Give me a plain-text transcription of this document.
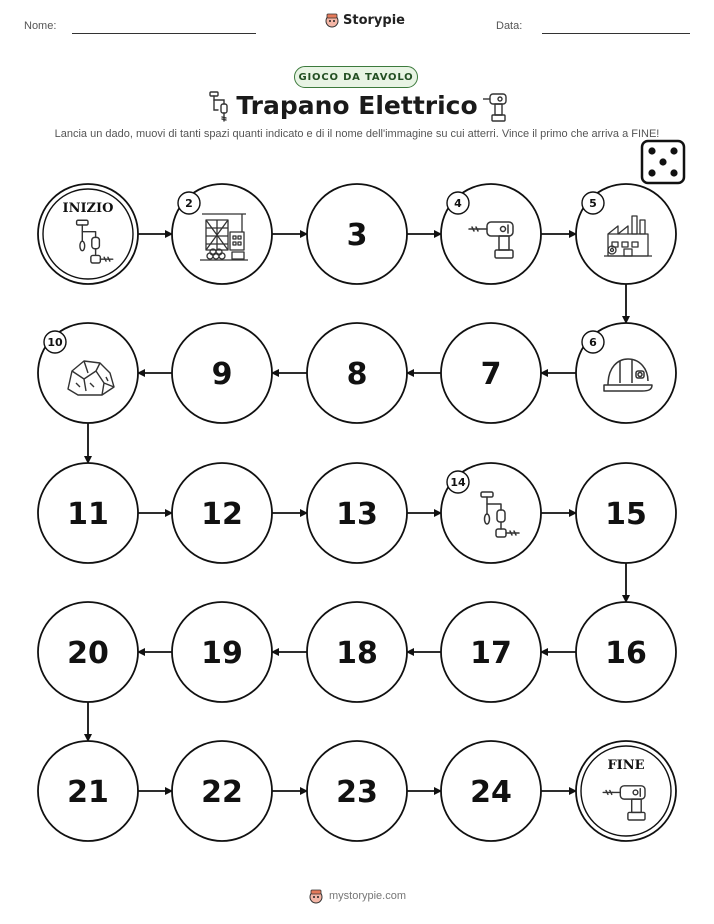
Nome:	Storypie	Data:
GIOCO DA TAVOLO
Trapano Elettrico
Lancia un dado, muovi di tanti spazi quanti indicato e di il nome dell'immagine su cui atterri. Vince il primo che arriva a FINE!
INIZIO	2
3
4	5
6
7
8
9
10
11	12	13
14
15
16
17
18
19
20
21	22	23	24
FINE
mystorypie.com
